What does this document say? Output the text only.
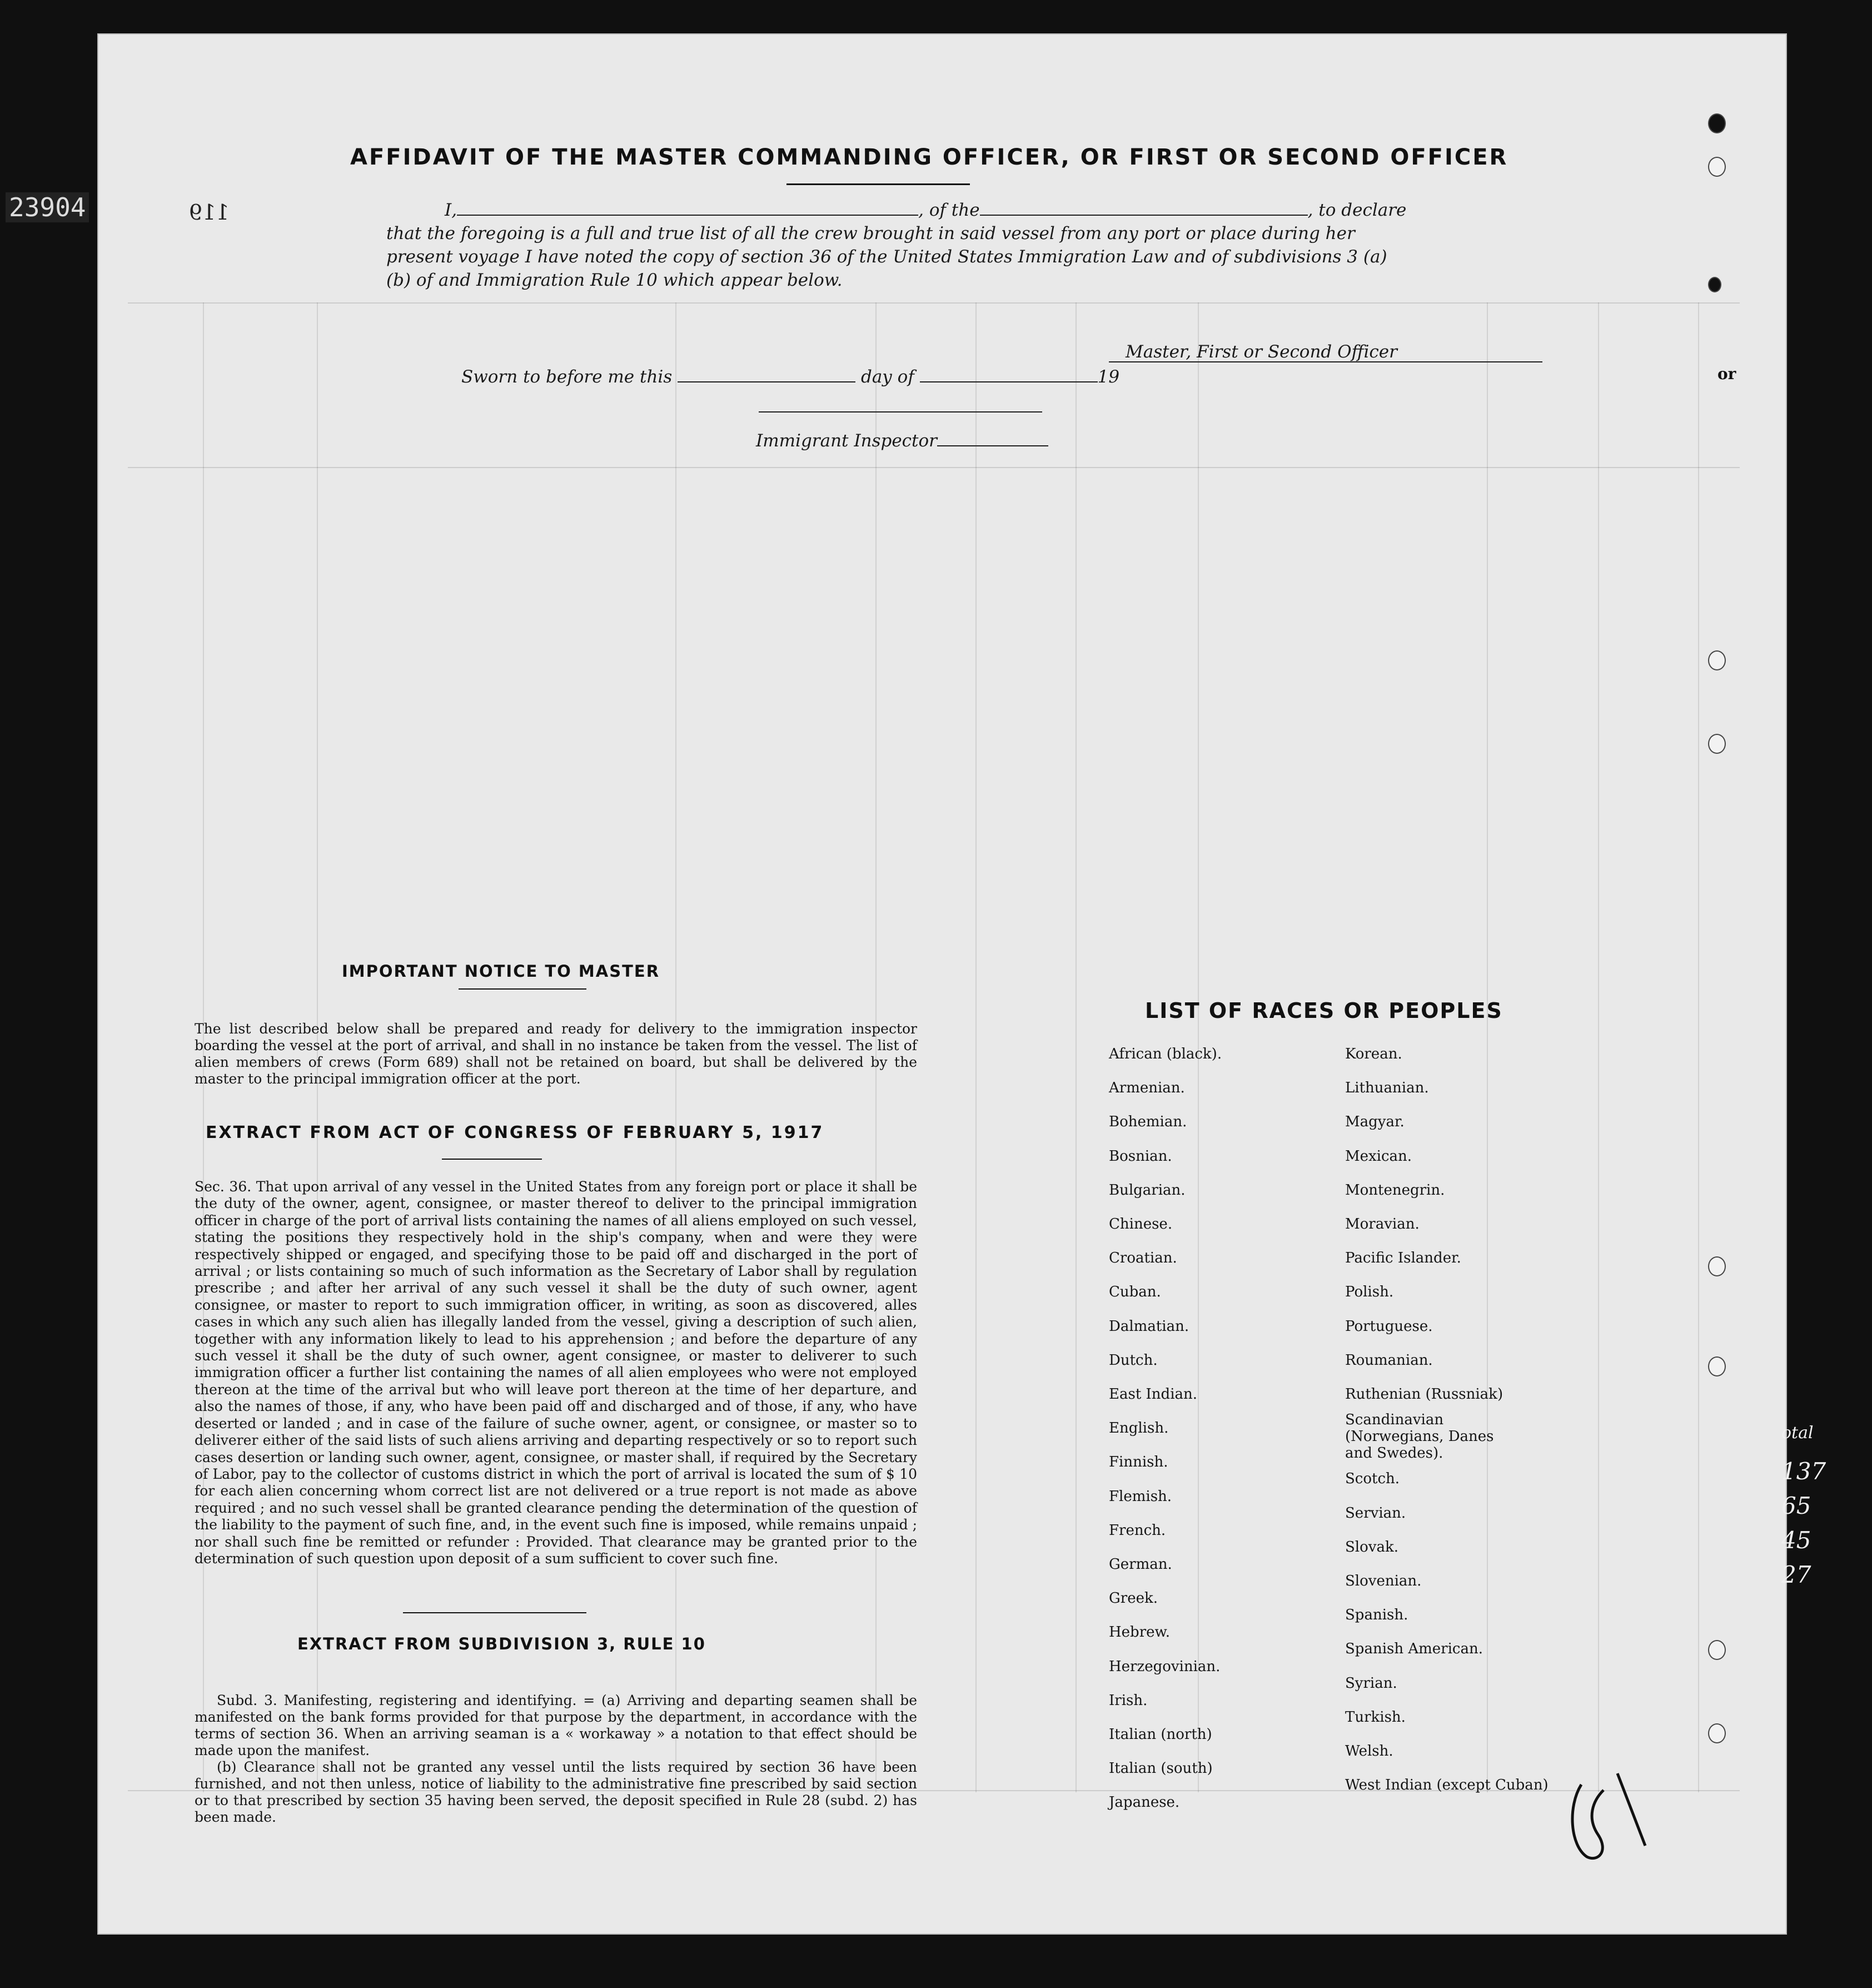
AFFIDAVIT OF THE MASTER COMMANDING OFFICER, OR FIRST OR SECOND OFFICER
I,	, of the	, to declare
that the foregoing is a full and true list of all the crew brought in said vessel from any port or place during her
present voyage I have noted the copy of section 36 of the United States Immigration Law and of subdivisions 3 (a)
(b) of and Immigration Rule 10 which appear below.
Master, First or Second Officer
Sworn to before me this	day of	19
Immigrant Inspector
IMPORTANT NOTICE TO MASTER
The list described below shall be prepared and ready for delivery to the immigration inspector boarding the vessel at the port of arrival, and shall in no instance be taken from the vessel. The list of alien members of crews (Form 689) shall not be retained on board, but shall be delivered by the master to the principal immigration officer at the port.
EXTRACT FROM ACT OF CONGRESS OF FEBRUARY 5, 1917
Sec. 36. That upon arrival of any vessel in the United States from any foreign port or place it shall be the duty of the owner, agent, consignee, or master thereof to deliver to the principal immigration officer in charge of the port of arrival lists containing the names of all aliens employed on such vessel, stating the positions they respectively hold in the ship's company, when and were they were respectively shipped or engaged, and specifying those to be paid off and discharged in the port of arrival ; or lists containing so much of such information as the Secretary of Labor shall by regulation prescribe ; and after her arrival of any such vessel it shall be the duty of such owner, agent consignee, or master to report to such immigration officer, in writing, as soon as discovered, alles cases in which any such alien has illegally landed from the vessel, giving a description of such alien, together with any information likely to lead to his apprehension ; and before the departure of any such vessel it shall be the duty of such owner, agent consignee, or master to deliverer to such immigration officer a further list containing the names of all alien employees who were not employed thereon at the time of the arrival but who will leave port thereon at the time of her departure, and also the names of those, if any, who have been paid off and discharged and of those, if any, who have deserted or landed ; and in case of the failure of suche owner, agent, or consignee, or master so to deliverer either of the said lists of such aliens arriving and departing respectively or so to report such cases desertion or landing such owner, agent, consignee, or master shall, if required by the Secretary of Labor, pay to the collector of customs district in which the port of arrival is located the sum of $ 10 for each alien concerning whom correct list are not delivered or a true report is not made as above required ; and no such vessel shall be granted clearance pending the determination of the question of the liability to the payment of such fine, and, in the event such fine is imposed, while remains unpaid ; nor shall such fine be remitted or refunder : Provided. That clearance may be granted prior to the determination of such question upon deposit of a sum sufficient to cover such fine.
EXTRACT FROM SUBDIVISION 3, RULE 10

Subd. 3. Manifesting, registering and identifying. = (a) Arriving and departing seamen shall be manifested on the bank forms provided for that purpose by the department, in accordance with the terms of section 36. When an arriving seaman is a « workaway » a notation to that effect should be made upon the manifest.

(b) Clearance shall not be granted any vessel until the lists required by section 36 have been furnished, and not then unless, notice of liability to the administrative fine prescribed by said section or to that prescribed by section 35 having been served, the deposit specified in Rule 28 (subd. 2) has been made.

LIST OF RACES OR PEOPLES
African (black).
Armenian.
Bohemian.
Bosnian.
Bulgarian.
Chinese.
Croatian.
Cuban.
Dalmatian.
Dutch.
East Indian.
English.
Finnish.
Flemish.
French.
German.
Greek.
Hebrew.
Herzegovinian.
Irish.
Italian (north)
Italian (south)
Japanese.
Korean.
Lithuanian.
Magyar.
Mexican.
Montenegrin.
Moravian.
Pacific Islander.
Polish.
Portuguese.
Roumanian.
Ruthenian (Russniak)
Scandinavian (Norwegians, Danes and Swedes).
Scotch.
Servian.
Slovak.
Slovenian.
Spanish.
Spanish American.
Syrian.
Turkish.
Welsh.
West Indian (except Cuban)
or
23904	119
otal
137
65
45
27
